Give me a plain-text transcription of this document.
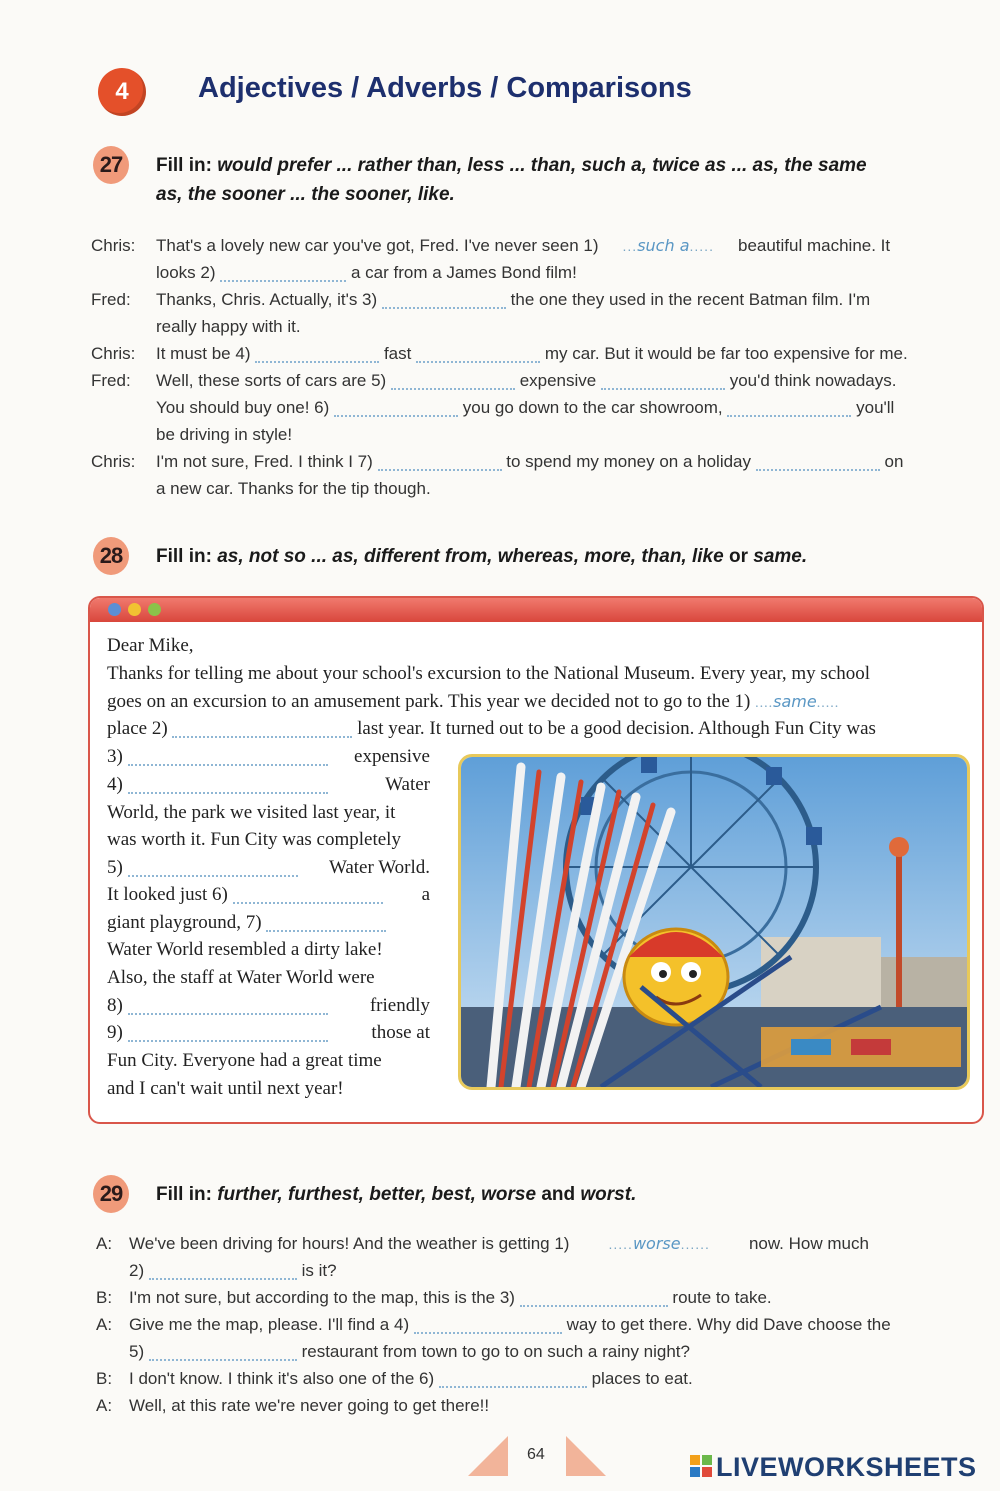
4	Adjectives / Adverbs / Comparisons
27	Fill in: would prefer ... rather than, less ... than, such a, twice as ... as, the same
as, the sooner ... the sooner, like.
Chris: That's a lovely new car you've got, Fred. I've never seen 1) ...such a..... beautiful machine. It
looks 2)	a car from a James Bond film!
Fred: Thanks, Chris. Actually, it's 3)	the one they used in the recent Batman film. I'm
really happy with it.
Chris: It must be 4)	fast	my car. But it would be far too expensive for me.
Fred: Well, these sorts of cars are 5)	expensive	you'd think nowadays.
You should buy one! 6)	you go down to the car showroom,	you'll
be driving in style!
Chris: I'm not sure, Fred. I think I 7)	to spend my money on a holiday	on
a new car. Thanks for the tip though.
28	Fill in: as, not so ... as, different from, whereas, more, than, like or same.
Dear Mike,
Thanks for telling me about your school's excursion to the National Museum. Every year, my school
goes on an excursion to an amusement park. This year we decided not to go to the 1) ....same.....
place 2)	last year. It turned out to be a good decision. Although Fun City was
3)	expensive
4)	Water
World, the park we visited last year, it
was worth it. Fun City was completely
5)	Water World.
It looked just 6)	a
giant playground, 7)
Water World resembled a dirty lake!
Also, the staff at Water World were
8)	friendly
9)	those at
Fun City. Everyone had a great time
and I can't wait until next year!
29	Fill in: further, furthest, better, best, worse and worst.
A: We've been driving for hours! And the weather is getting 1)	.....worse...... now. How much
2)	is it?
B: I'm not sure, but according to the map, this is the 3)	route to take.
A: Give me the map, please. I'll find a 4)	way to get there. Why did Dave choose the
5)	restaurant from town to go to on such a rainy night?
B: I don't know. I think it's also one of the 6)	places to eat.
A: Well, at this rate we're never going to get there!!
64	LIVEWORKSHEETS
